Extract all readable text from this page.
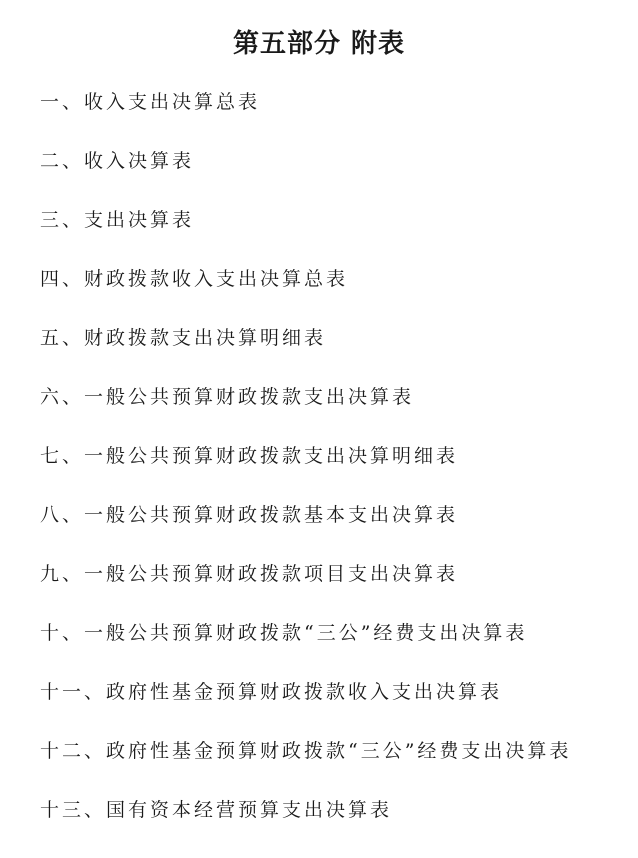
第五部分 附表
一、收入支出决算总表
二、收入决算表
三、支出决算表
四、财政拨款收入支出决算总表
五、财政拨款支出决算明细表
六、一般公共预算财政拨款支出决算表
七、一般公共预算财政拨款支出决算明细表
八、一般公共预算财政拨款基本支出决算表
九、一般公共预算财政拨款项目支出决算表
十、一般公共预算财政拨款“三公”经费支出决算表
十一、政府性基金预算财政拨款收入支出决算表
十二、政府性基金预算财政拨款“三公”经费支出决算表
十三、国有资本经营预算支出决算表
